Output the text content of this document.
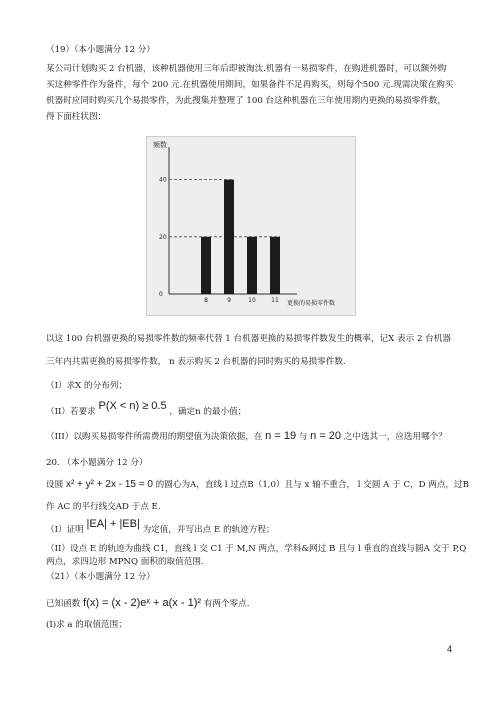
（19）（本小题满分 12 分）
某公司计划购买 2 台机器，该种机器使用三年后即被淘汰.机器有一易损零件，在购进机器时，可以额外购
买这种零件作为备件，每个 200 元.在机器使用期间，如果备件不足再购买，则每个500 元.现需决策在购买
机器时应同时购买几个易损零件，为此搜集并整理了 100 台这种机器在三年使用期内更换的易损零件数，
得下面柱状图：
频数
更换的易损零件数
0
20
40
8	9	10	11
以这 100 台机器更换的易损零件数的频率代替 1 台机器更换的易损零件数发生的概率，记X 表示 2 台机器
三年内共需更换的易损零件数， n 表示购买 2 台机器的同时购买的易损零件数.
（I）求X 的分布列；
（II）若要求 P(X < n) ≥ 0.5 ，确定n 的最小值；
（III）以购买易损零件所需费用的期望值为决策依据，在 n = 19 与 n = 20 之中选其一，应选用哪个？
20. （本小题满分 12 分）
设圆 x² + y² + 2x - 15 = 0 的圆心为A，直线 l 过点B（1,0）且与 x 轴不重合， l 交圆 A 于 C，D 两点，过B
作 AC 的平行线交AD 于点 E.
（I）证明 |EA| + |EB| 为定值，并写出点 E 的轨迹方程；
（II）设点 E 的轨迹为曲线 C1，直线 l 交 C1 于 M,N 两点，学科&网过 B 且与 l 垂直的直线与圆A 交于 P,Q
两点，求四边形 MPNQ 面积的取值范围.
（21）（本小题满分 12 分）
已知函数 f(x) = (x - 2)eˣ + a(x - 1)² 有两个零点.
(I)求 a 的取值范围；
4
